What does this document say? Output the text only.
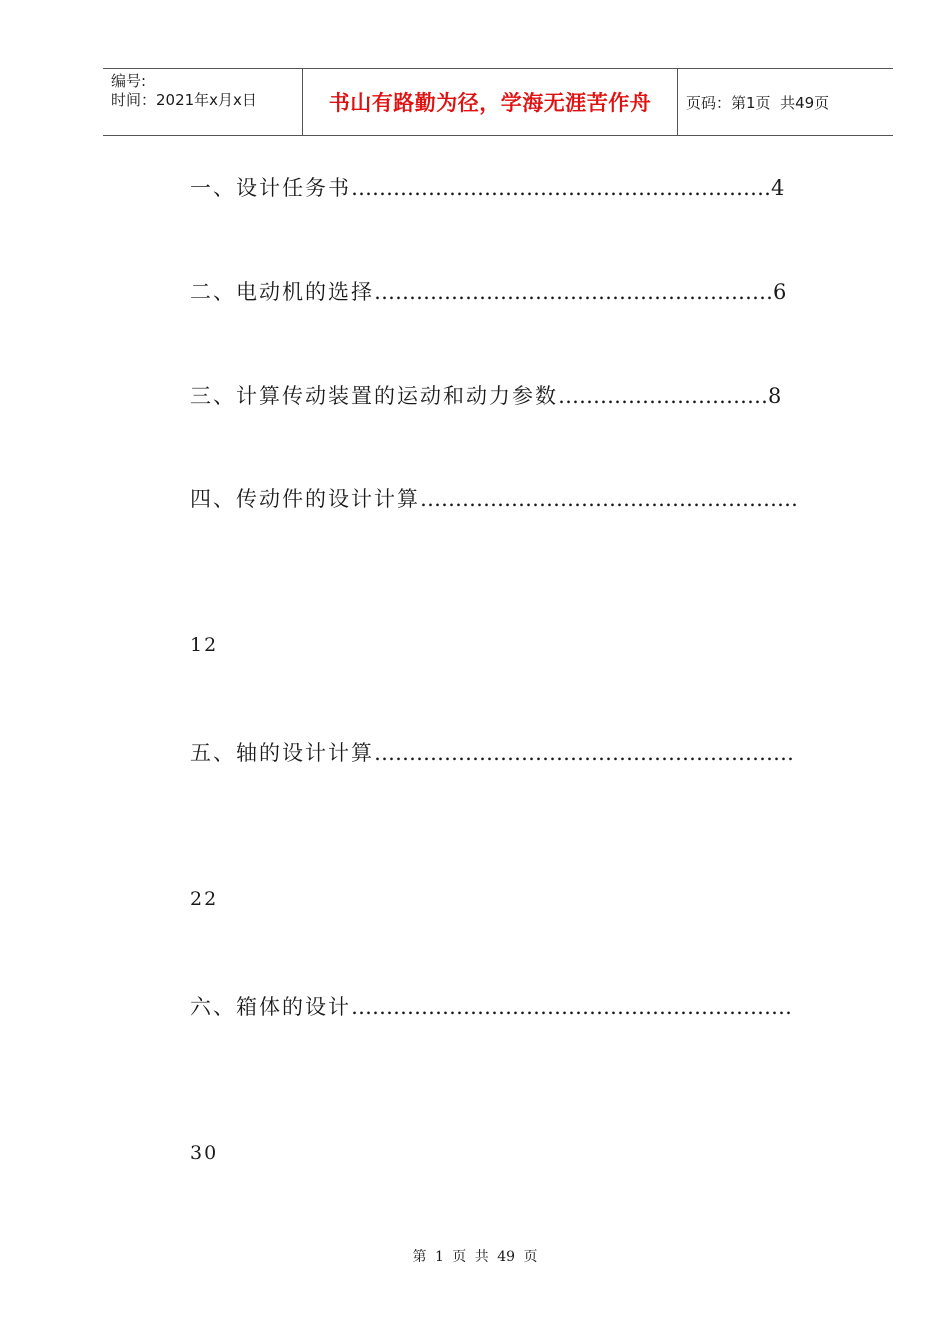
编号:
时间：2021年x月x日	书山有路勤为径，学海无涯苦作舟	页码：第1页  共49页
一、设计任务书……………………………………………………4
二、电动机的选择…………………………………………………6
三、计算传动装置的运动和动力参数…………………………8
四、传动件的设计计算………………………………………………
12
五、轴的设计计算……………………………………………………
22
六、箱体的设计………………………………………………………
30
第 1 页 共 49 页
